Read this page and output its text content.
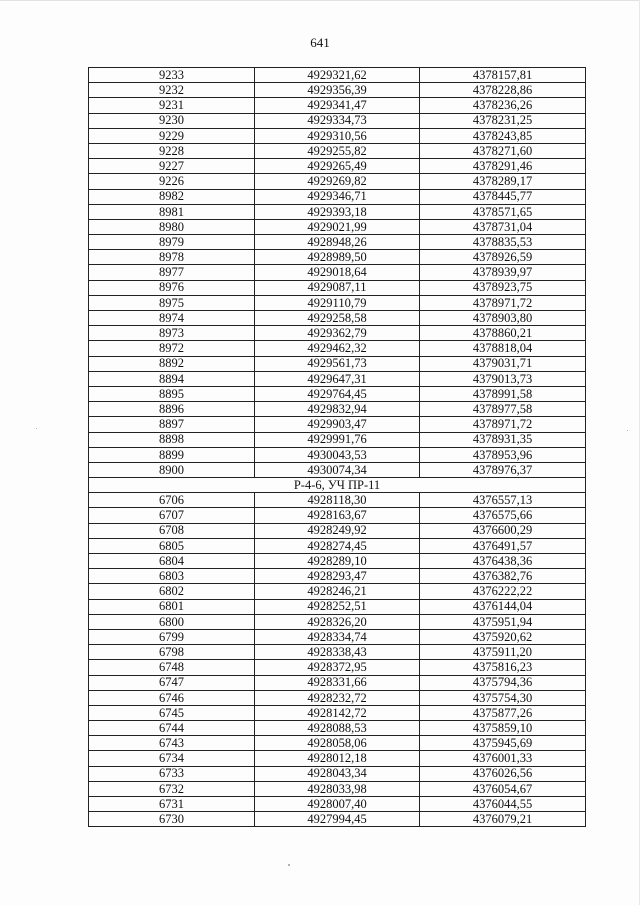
641
9233	4929321,62	4378157,81
9232	4929356,39	4378228,86
9231	4929341,47	4378236,26
9230	4929334,73	4378231,25
9229	4929310,56	4378243,85
9228	4929255,82	4378271,60
9227	4929265,49	4378291,46
9226	4929269,82	4378289,17
8982	4929346,71	4378445,77
8981	4929393,18	4378571,65
8980	4929021,99	4378731,04
8979	4928948,26	4378835,53
8978	4928989,50	4378926,59
8977	4929018,64	4378939,97
8976	4929087,11	4378923,75
8975	4929110,79	4378971,72
8974	4929258,58	4378903,80
8973	4929362,79	4378860,21
8972	4929462,32	4378818,04
8892	4929561,73	4379031,71
8894	4929647,31	4379013,73
8895	4929764,45	4378991,58
8896	4929832,94	4378977,58
8897	4929903,47	4378971,72
8898	4929991,76	4378931,35
8899	4930043,53	4378953,96
8900	4930074,34	4378976,37
Р-4-6, УЧ ПР-11		
6706	4928118,30	4376557,13
6707	4928163,67	4376575,66
6708	4928249,92	4376600,29
6805	4928274,45	4376491,57
6804	4928289,10	4376438,36
6803	4928293,47	4376382,76
6802	4928246,21	4376222,22
6801	4928252,51	4376144,04
6800	4928326,20	4375951,94
6799	4928334,74	4375920,62
6798	4928338,43	4375911,20
6748	4928372,95	4375816,23
6747	4928331,66	4375794,36
6746	4928232,72	4375754,30
6745	4928142,72	4375877,26
6744	4928088,53	4375859,10
6743	4928058,06	4375945,69
6734	4928012,18	4376001,33
6733	4928043,34	4376026,56
6732	4928033,98	4376054,67
6731	4928007,40	4376044,55
6730	4927994,45	4376079,21
